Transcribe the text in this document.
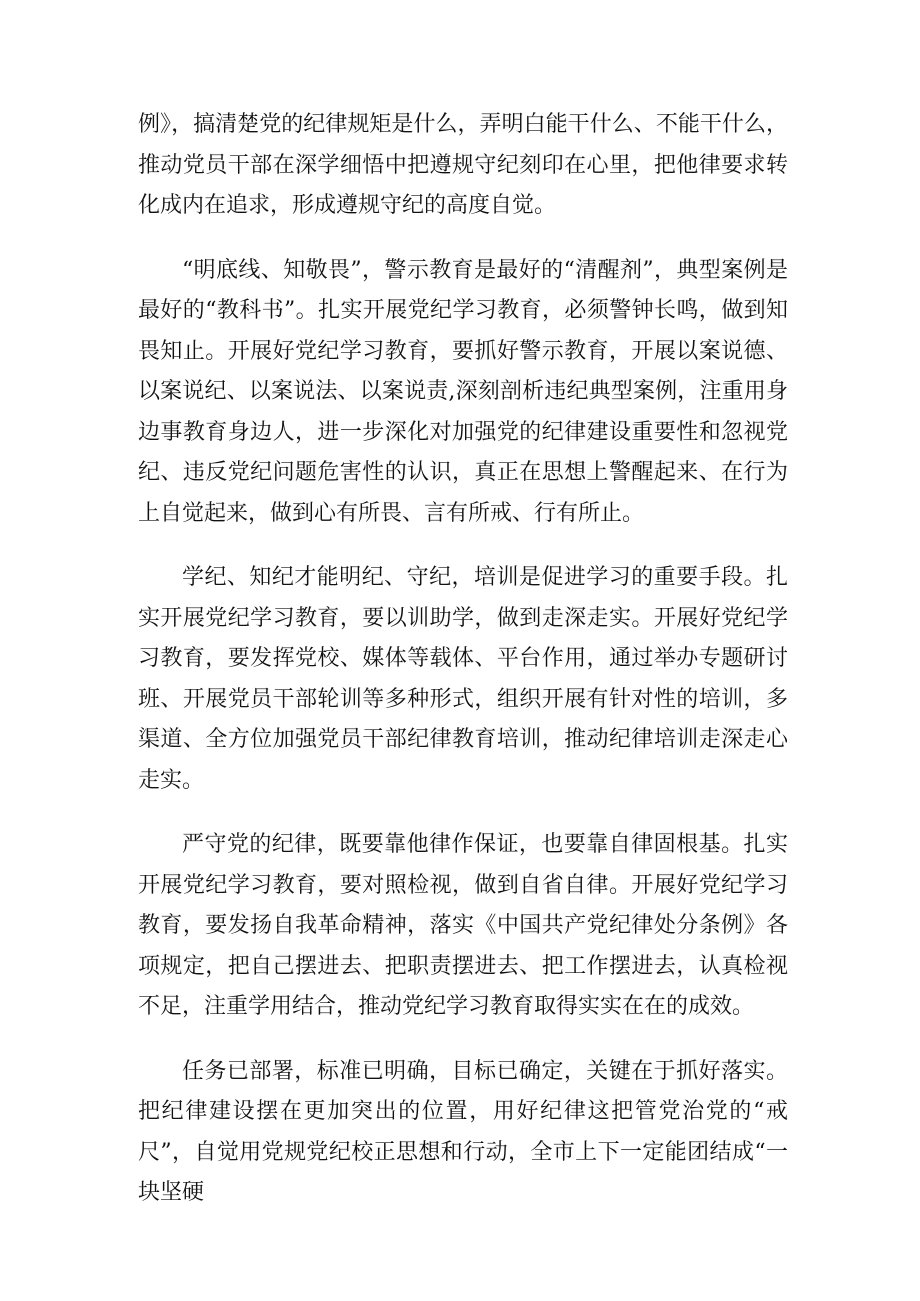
例》，搞清楚党的纪律规矩是什么，弄明白能干什么、不能干什么，推动党员干部在深学细悟中把遵规守纪刻印在心里，把他律要求转化成内在追求，形成遵规守纪的高度自觉。

“明底线、知敬畏”，警示教育是最好的“清醒剂”，典型案例是最好的“教科书”。扎实开展党纪学习教育，必须警钟长鸣，做到知畏知止。开展好党纪学习教育，要抓好警示教育，开展以案说德、以案说纪、以案说法、以案说责,深刻剖析违纪典型案例，注重用身边事教育身边人，进一步深化对加强党的纪律建设重要性和忽视党纪、违反党纪问题危害性的认识，真正在思想上警醒起来、在行为上自觉起来，做到心有所畏、言有所戒、行有所止。

学纪、知纪才能明纪、守纪，培训是促进学习的重要手段。扎实开展党纪学习教育，要以训助学，做到走深走实。开展好党纪学习教育，要发挥党校、媒体等载体、平台作用，通过举办专题研讨班、开展党员干部轮训等多种形式，组织开展有针对性的培训，多渠道、全方位加强党员干部纪律教育培训，推动纪律培训走深走心走实。

严守党的纪律，既要靠他律作保证，也要靠自律固根基。扎实开展党纪学习教育，要对照检视，做到自省自律。开展好党纪学习教育，要发扬自我革命精神，落实《中国共产党纪律处分条例》各项规定，把自己摆进去、把职责摆进去、把工作摆进去，认真检视不足，注重学用结合，推动党纪学习教育取得实实在在的成效。

任务已部署，标准已明确，目标已确定，关键在于抓好落实。把纪律建设摆在更加突出的位置，用好纪律这把管党治党的“戒尺”，自觉用党规党纪校正思想和行动，全市上下一定能团结成“一块坚硬
